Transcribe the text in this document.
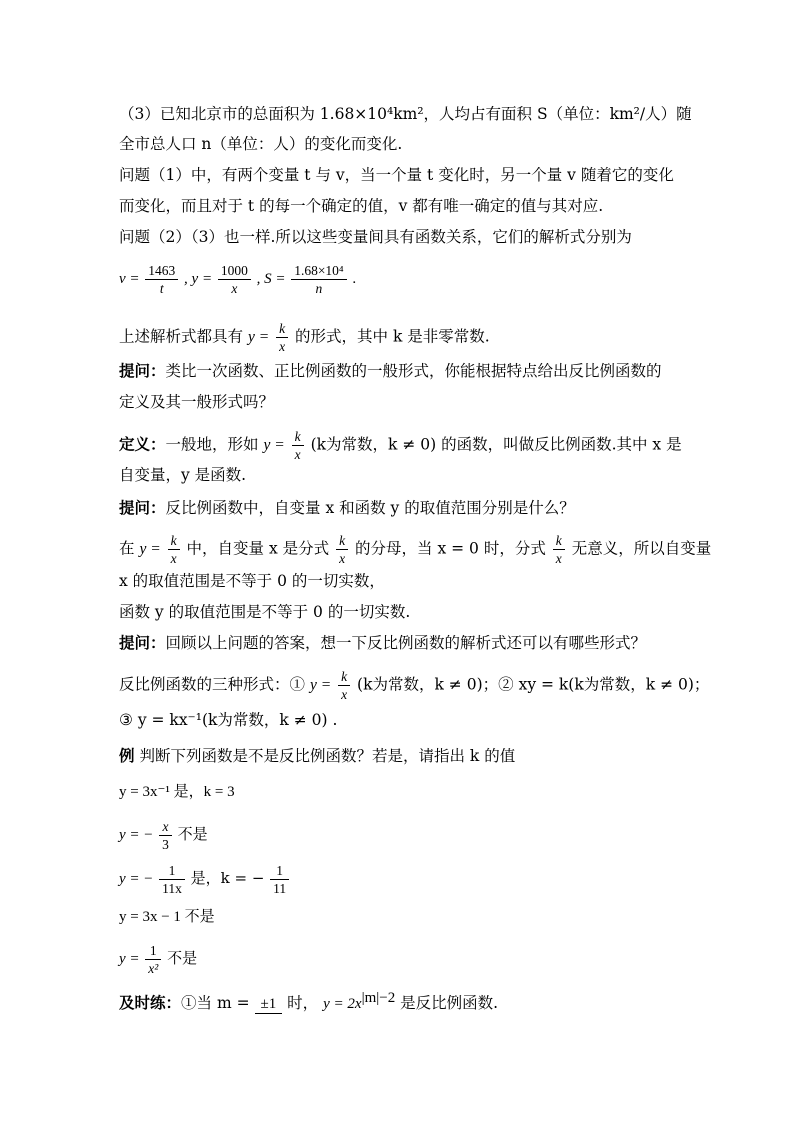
（3）已知北京市的总面积为 1.68×10⁴km²，人均占有面积 S（单位：km²/人）随
全市总人口 n（单位：人）的变化而变化.
问题（1）中，有两个变量 t 与 v，当一个量 t 变化时，另一个量 v 随着它的变化
而变化，而且对于 t 的每一个确定的值，v 都有唯一确定的值与其对应.
问题（2）（3）也一样.所以这些变量间具有函数关系，它们的解析式分别为
$v = \frac{1463}{t}$ , $y = \frac{1000}{x}$ , $S = \frac{\text{1.68×10⁴}}{n}$ .
上述解析式都具有 $y = \frac{k}{x}$ 的形式，其中 k 是非零常数.
提问：类比一次函数、正比例函数的一般形式，你能根据特点给出反比例函数的
定义及其一般形式吗？
定义：一般地，形如 $y = \frac{k}{x} (k$为常数，k ≠ 0) 的函数，叫做反比例函数.其中 x 是
自变量，y 是函数.
提问：反比例函数中，自变量 x 和函数 y 的取值范围分别是什么？
在 $y = \frac{k}{x}$ 中，自变量 x 是分式 $\frac{k}{x}$ 的分母，当 x = 0 时，分式 $\frac{k}{x}$ 无意义，所以自变量
x 的取值范围是不等于 0 的一切实数，
函数 y 的取值范围是不等于 0 的一切实数.
提问：回顾以上问题的答案，想一下反比例函数的解析式还可以有哪些形式？
反比例函数的三种形式：① $y = \frac{k}{x} (k$为常数，k ≠ 0)；② xy = k(k为常数，k ≠ 0)；
③ y = kx⁻¹(k为常数，k ≠ 0) .
例 判断下列函数是不是反比例函数？若是，请指出 k 的值
y = 3x⁻¹ 是，k = 3
y = − $\frac{x}{3}$ 不是
y = − $\frac{1}{11x}$ 是，k = − $\frac{1}{11}$
y = 3x − 1 不是
$y = \frac{1}{\text{x²}}$ 不是
及时练：①当 m = ±1 时， $y = 2x^{|m|-2}$ 是反比例函数.
